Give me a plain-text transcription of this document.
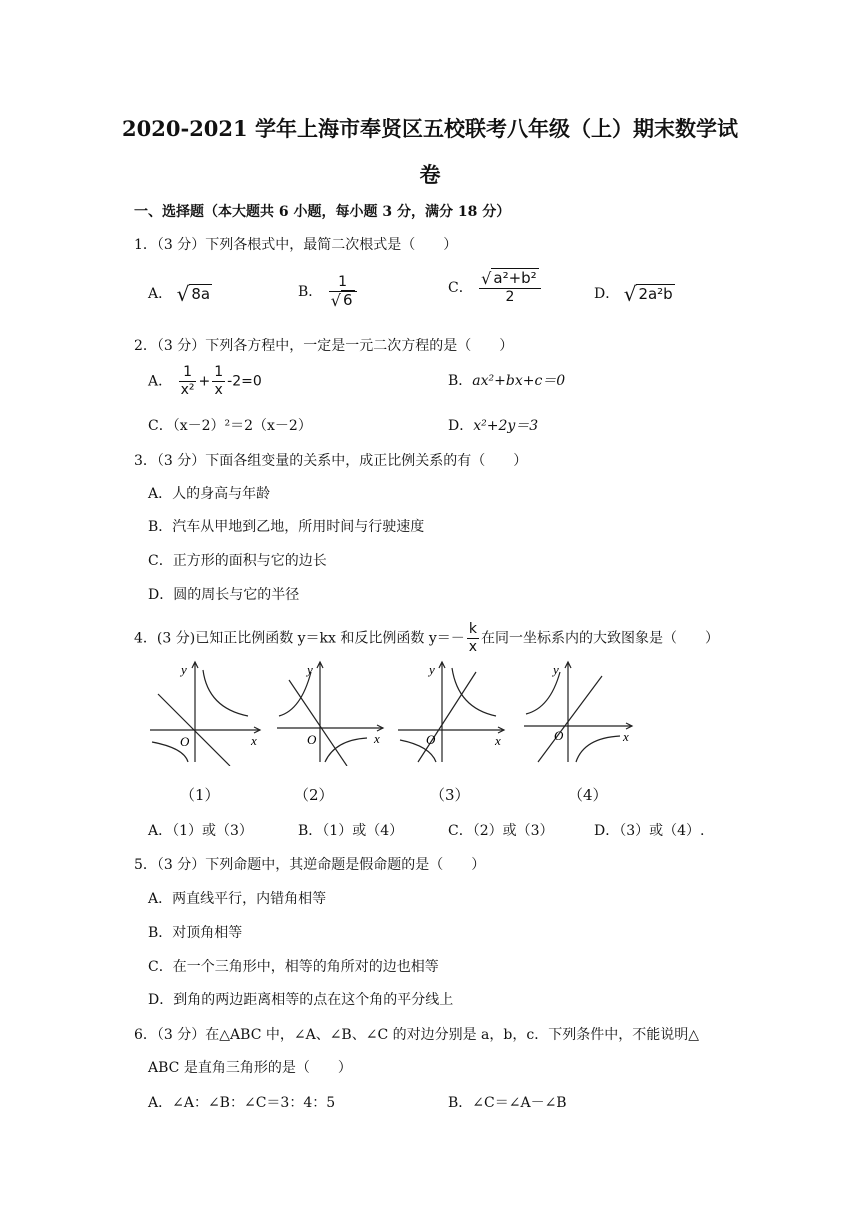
2020-2021 学年上海市奉贤区五校联考八年级（上）期末数学试
卷
一、选择题（本大题共 6 小题，每小题 3 分，满分 18 分）
1．（3 分）下列各根式中，最简二次根式是（　　）
A． √ 8a	B． $\frac{1}{√ 6}$	C． $\frac{\text{√ a²+b²}}{2}$	D． √ 2a²b
2．（3 分）下列各方程中，一定是一元二次方程的是（　　）
A． $\frac{1}{\text{x²}} + \frac{1}{x} -2=0$	B．ax²+bx+c＝0
C．（x－2）²＝2（x－2）	D．x²+2y＝3
3．（3 分）下面各组变量的关系中，成正比例关系的有（　　）
A．人的身高与年龄
B．汽车从甲地到乙地，所用时间与行驶速度
C．正方形的面积与它的边长
D．圆的周长与它的半径
4．(3 分)已知正比例函数 y＝kx 和反比例函数 $y=- \frac{k}{x}$ 在同一坐标系内的大致图象是（　　）
y
x
O
（1）
y
x
O
（2）
y
x
O
（3）
y
x
O
（4）
A．（1）或（3）	B．（1）或（4）	C．（2）或（3）	D．（3）或（4）.
5．（3 分）下列命题中，其逆命题是假命题的是（　　）
A．两直线平行，内错角相等
B．对顶角相等
C．在一个三角形中，相等的角所对的边也相等
D．到角的两边距离相等的点在这个角的平分线上
6．（3 分）在△ABC 中，∠A、∠B、∠C 的对边分别是 a，b，c．下列条件中，不能说明△
ABC 是直角三角形的是（　　）
A．∠A：∠B：∠C＝3：4：5	B．∠C＝∠A－∠B
